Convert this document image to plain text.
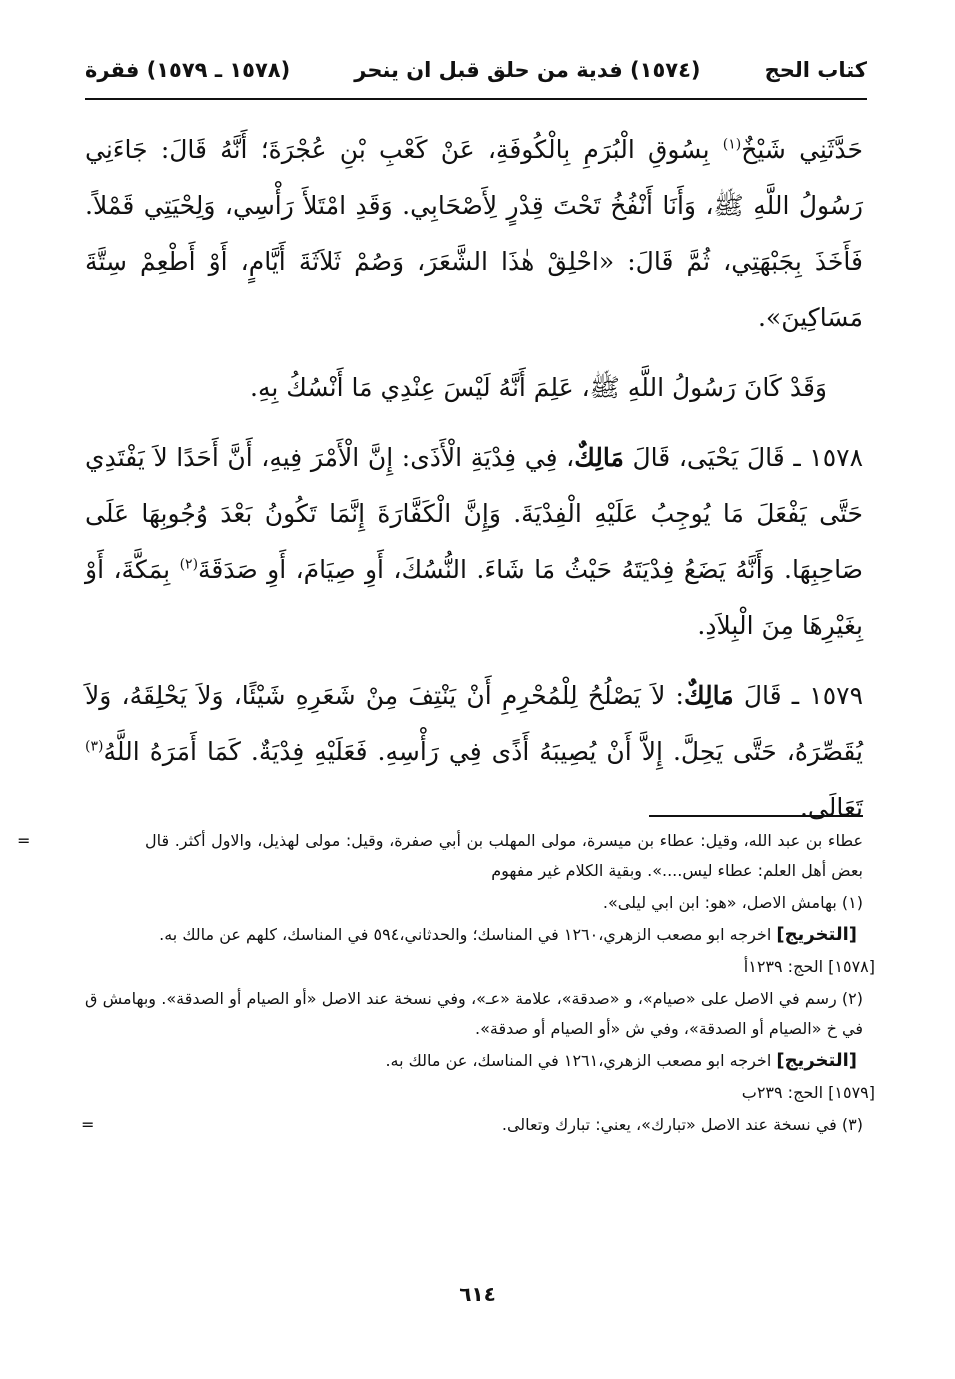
كتاب الحج
(١٥٧٤) فدية من حلق قبل ان ينحر
(١٥٧٨ ـ ١٥٧٩) فقرة

حَدَّثَنِي شَيْخٌ$^{(١)}$ بِسُوقِ الْبُرَمِ بِالْكُوفَةِ، عَنْ كَعْبِ بْنِ عُجْرَةَ؛ أَنَّهُ قَالَ: جَاءَنِي رَسُولُ اللَّهِ ﷺ، وَأَنَا أَنْفُخُ تَحْتَ قِدْرٍ لِأَصْحَابِي. وَقَدِ امْتَلأَ رَأْسِي، وَلِحْيَتِي قَمْلاً. فَأَخَذَ بِجَبْهَتِي، ثُمَّ قَالَ: «احْلِقْ هٰذَا الشَّعَرَ، وَصُمْ ثَلاَثَةَ أَيَّامٍ، أَوْ أَطْعِمْ سِتَّةَ مَسَاكِينَ».

وَقَدْ كَانَ رَسُولُ اللَّهِ ﷺ، عَلِمَ أَنَّهُ لَيْسَ عِنْدِي مَا أَنْسُكُ بِهِ.

١٥٧٨ ـ قَالَ يَحْيَى، قَالَ مَالِكٌ، فِي فِدْيَةِ الْأَذَى: إِنَّ الْأَمْرَ فِيهِ، أَنَّ أَحَدًا لاَ يَفْتَدِي حَتَّى يَفْعَلَ مَا يُوجِبُ عَلَيْهِ الْفِدْيَةَ. وَإِنَّ الْكَفَّارَةَ إِنَّمَا تَكُونُ بَعْدَ وُجُوبِهَا عَلَى صَاحِبِهَا. وَأَنَّهُ يَضَعُ فِدْيَتَهُ حَيْثُ مَا شَاءَ. النُّسُكَ، أَوِ صِيَامَ، أَوِ صَدَقَةَ$^{(٢)}$ بِمَكَّةَ، أَوْ بِغَيْرِهَا مِنَ الْبِلاَدِ.

١٥٧٩ ـ قَالَ مَالِكٌ: لاَ يَصْلُحُ لِلْمُحْرِمِ أَنْ يَنْتِفَ مِنْ شَعَرِهِ شَيْئًا، وَلاَ يَحْلِقَهُ، وَلاَ يُقَصِّرَهُ، حَتَّى يَحِلَّ. إِلاَّ أَنْ يُصِيبَهُ أَذًى فِي رَأْسِهِ. فَعَلَيْهِ فِدْيَةٌ. كَمَا أَمَرَهُ اللَّهُ$^{(٣)}$ تَعَالَى.

عطاء بن عبد الله، وقيل: عطاء بن ميسرة، مولى المهلب بن أبي صفرة، وقيل: مولى لهذيل، والاول أكثر. قال بعض أهل العلم: عطاء ليس....». وبقية الكلام غير مفهوم
=
(١) بهامش الاصل، «هو: ابن ابي ليلى».
[التخريج] اخرجه ابو مصعب الزهري،١٢٦٠ في المناسك؛ والحدثاني،٥٩٤ في المناسك، كلهم عن مالك به.
[١٥٧٨] الحج: ١٢٣٩أ
(٢) رسم في الاصل على «صيام»، و «صدقة»، علامة «عـ»، وفي نسخة عند الاصل «أو الصيام أو الصدقة». وبهامش ق في خ «الصيام أو الصدقة»، وفي ش «أو الصيام أو صدقة».
[التخريج] اخرجه ابو مصعب الزهري،١٢٦١ في المناسك، عن مالك به.
[١٥٧٩] الحج: ٢٣٩ب
(٣) في نسخة عند الاصل «تبارك»، يعني: تبارك وتعالى.
=
٦١٤
